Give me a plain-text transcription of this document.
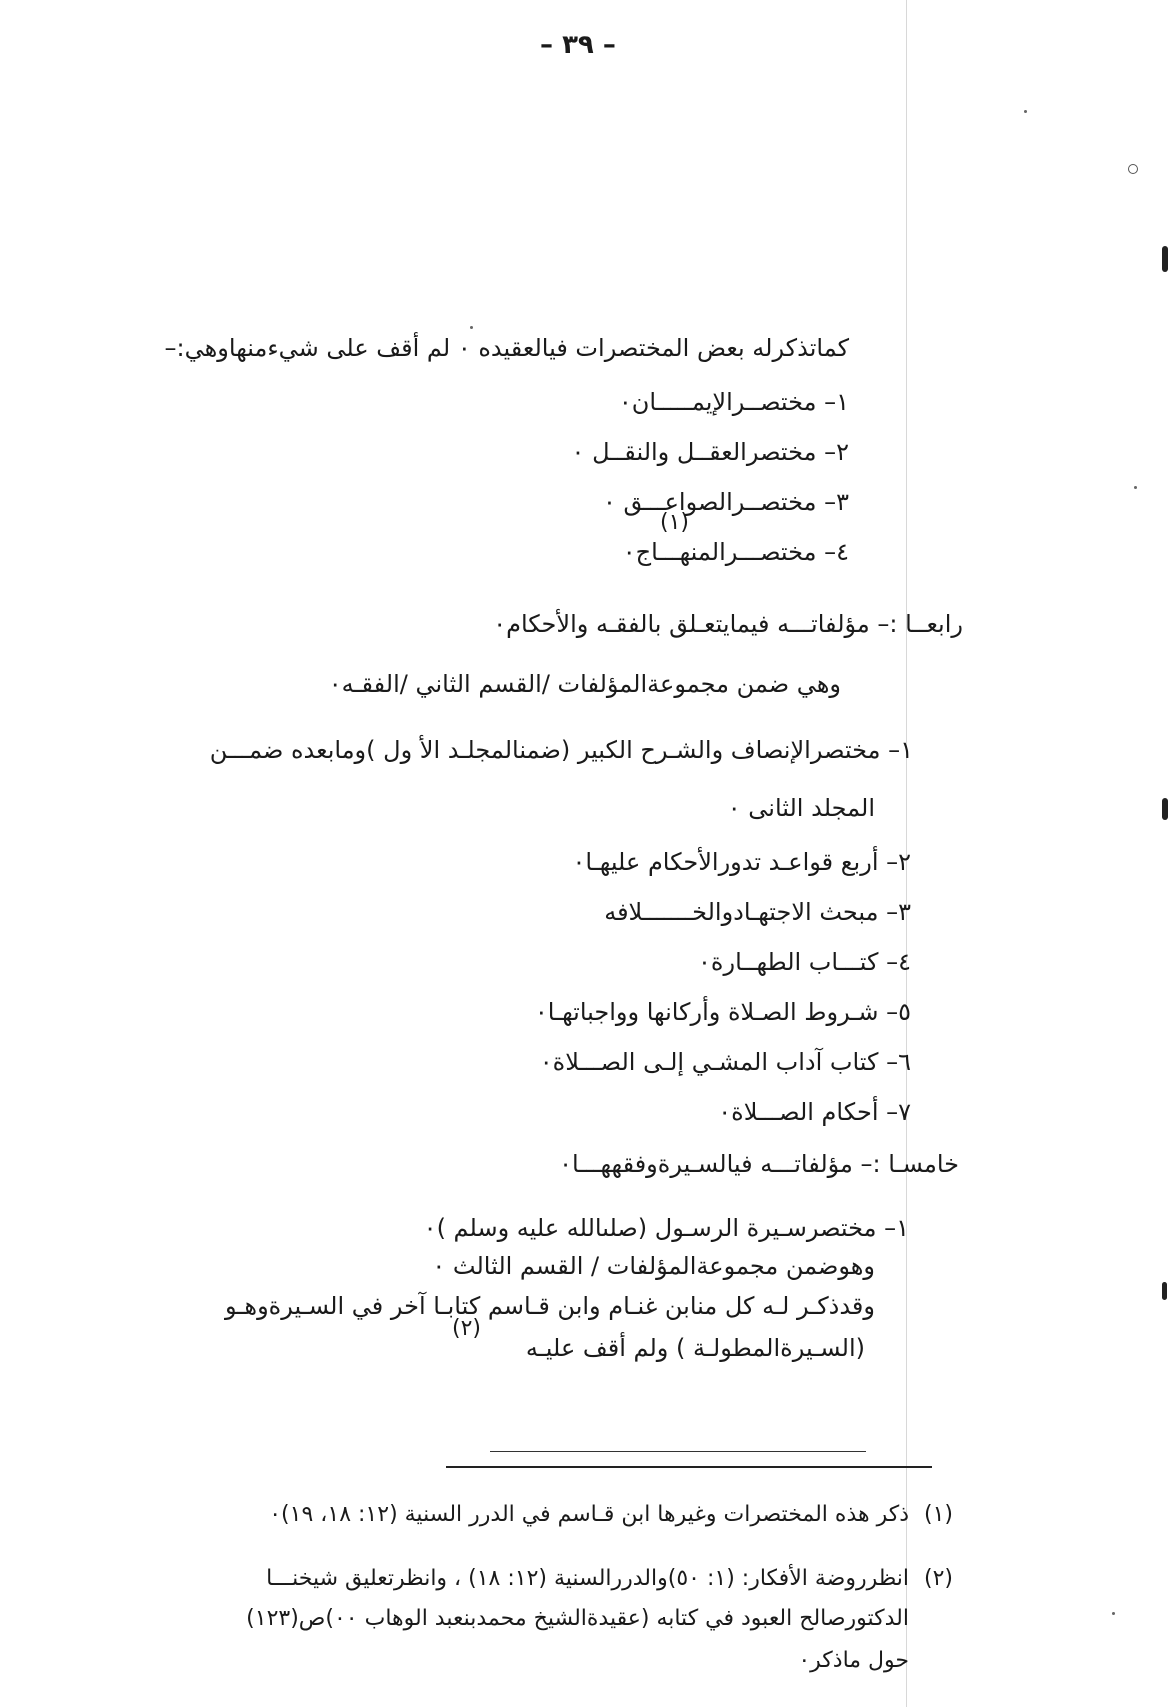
– ٣٩ –
كماتذكرله بعض المختصرات فيالعقيده ٠ لم أقف على شيءمنهاوهي:–
١– مختصــرالإيمـــــان٠
٢– مختصرالعقــل والنقــل ٠
٣– مختصــرالصواعـــق ٠
(١)
٤– مختصـــرالمنهـــاج٠
رابعــا :– مؤلفاتـــه فيمايتعـلق بالفقـه والأحكام٠
وهي ضمن مجموعةالمؤلفات /القسم الثاني /الفقـه٠
١– مختصرالإنصاف والشـرح الكبير (ضمنالمجلـد الأ ول )ومابعده ضمـــن
المجلد الثانى ٠
٢– أربع قواعـد تدورالأحكام عليهـا٠
٣– مبحث الاجتهـادوالخـــــــلافه
٤– كتـــاب الطهــارة٠
٥– شـروط الصـلاة وأركانها وواجباتهـا٠
٦– كتاب آداب المشـي إلـى الصـــلاة٠
٧– أحكام الصـــلاة٠
خامسـا :– مؤلفاتـــه فيالسـيرةوفقههـــا٠
١– مختصرسـيرة الرسـول (صلىالله عليه وسلم )٠
وهوضمن مجموعةالمؤلفات / القسم الثالث ٠
وقدذكـر لـه كل منابن غنـام وابن قـاسم كتابـا آخر في السـيرةوهـو
(السـيرةالمطولـة ) ولم أقف عليـه
(٢)
(١)
ذكر هذه المختصرات وغيرها ابن قـاسم في الدرر السنية (١٢: ١٨، ١٩)٠
(٢)
انظرروضة الأفكار: (١: ٥٠)والدررالسنية (١٢: ١٨) ، وانظرتعليق شيخنـــا
الدكتورصالح العبود في كتابه (عقيدةالشيخ محمدبنعبد الوهاب ٠٠)ص(١٢٣)
حول ماذكر٠
